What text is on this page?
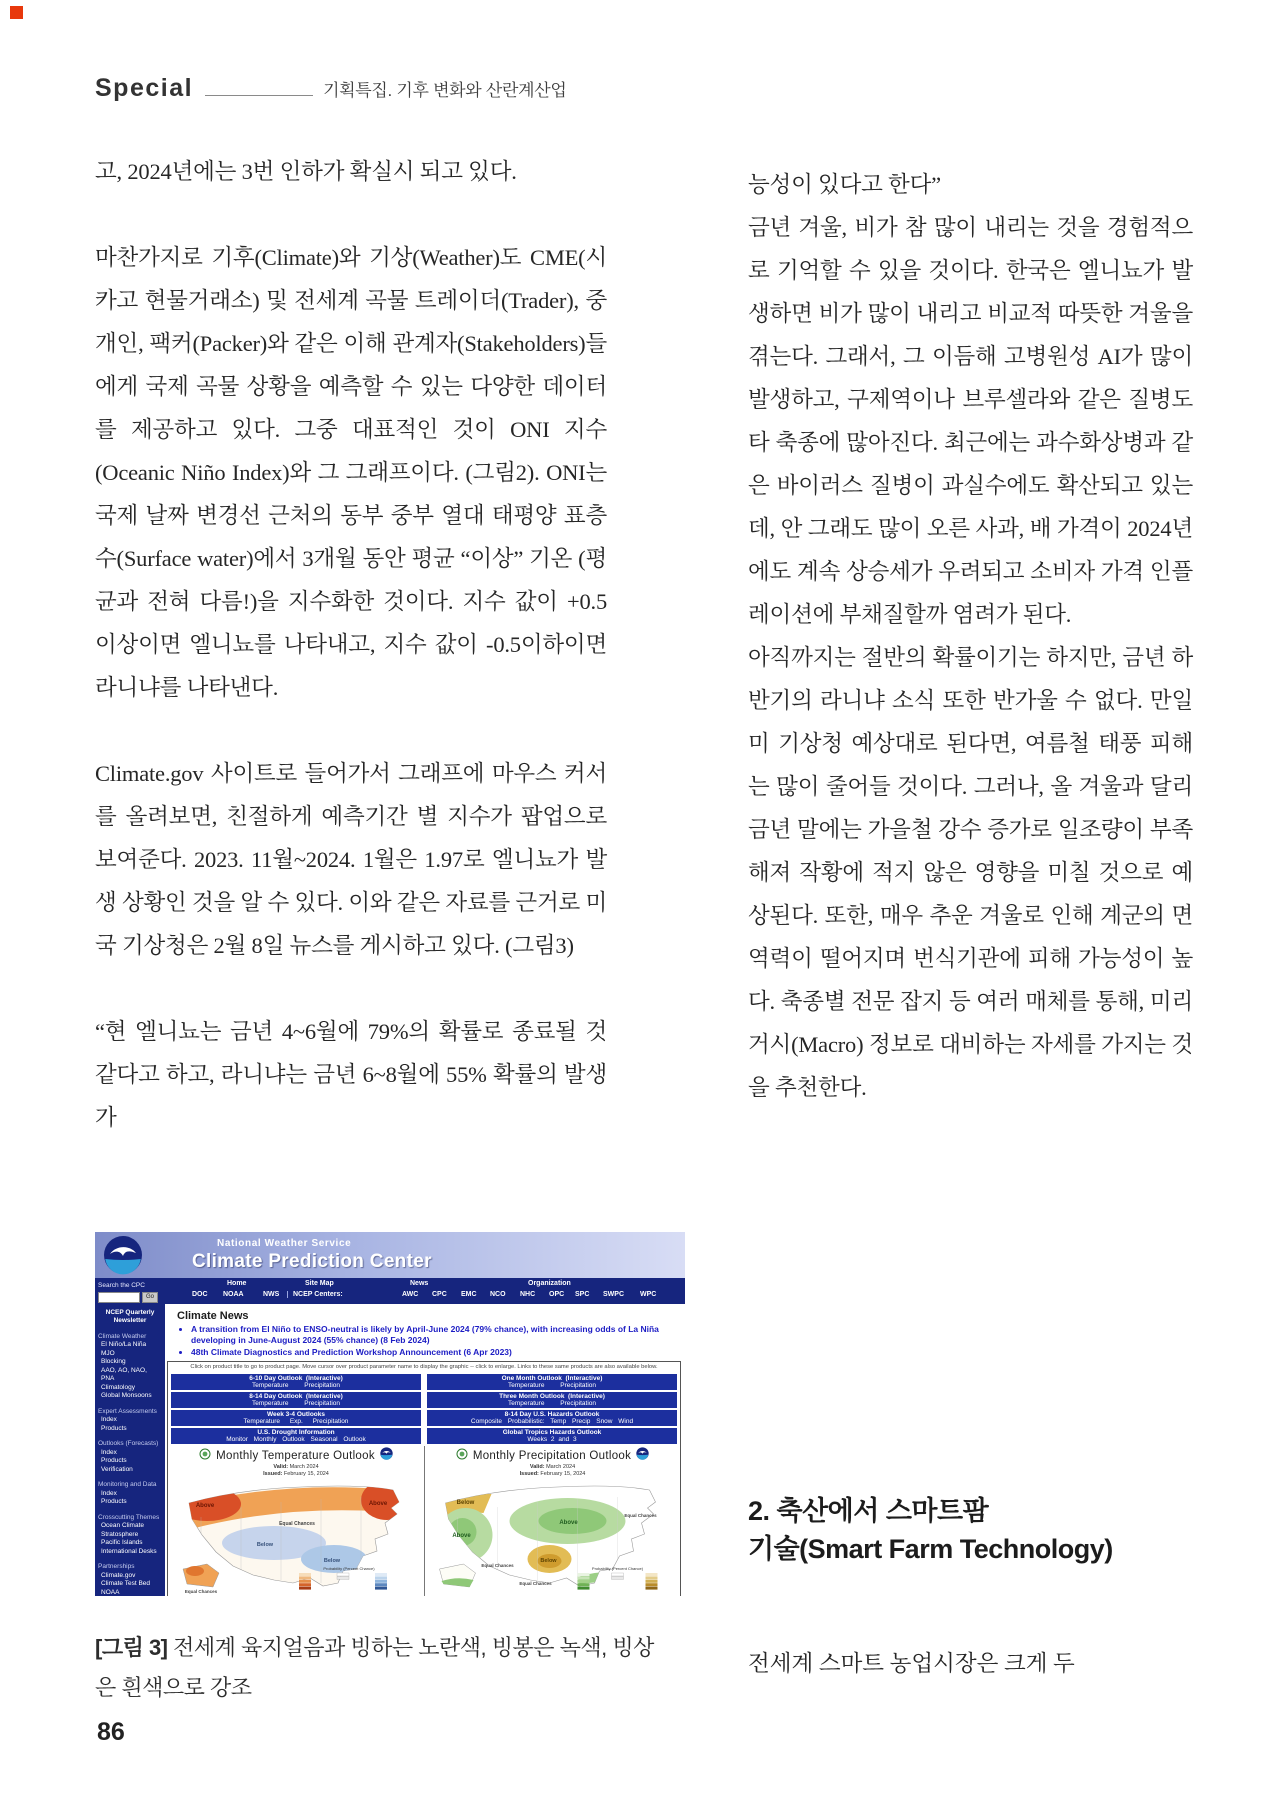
Special	기획특집. 기후 변화와 산란계산업

고, 2024년에는 3번 인하가 확실시 되고 있다.

마찬가지로 기후(Climate)와 기상(Weather)도 CME(시카고 현물거래소) 및 전세계 곡물 트레이더(Trader), 중개인, 팩커(Packer)와 같은 이해 관계자(Stakeholders)들에게 국제 곡물 상황을 예측할 수 있는 다양한 데이터를 제공하고 있다. 그중 대표적인 것이 ONI 지수(Oceanic Niño Index)와 그 그래프이다. (그림2). ONI는 국제 날짜 변경선 근처의 동부 중부 열대 태평양 표층수(Surface water)에서 3개월 동안 평균 “이상” 기온 (평균과 전혀 다름!)을 지수화한 것이다. 지수 값이 +0.5 이상이면 엘니뇨를 나타내고, 지수 값이 -0.5이하이면 라니냐를 나타낸다.

Climate.gov 사이트로 들어가서 그래프에 마우스 커서를 올려보면, 친절하게 예측기간 별 지수가 팝업으로 보여준다. 2023. 11월~2024. 1월은 1.97로 엘니뇨가 발생 상황인 것을 알 수 있다. 이와 같은 자료를 근거로 미국 기상청은 2월 8일 뉴스를 게시하고 있다. (그림3)

“현 엘니뇨는 금년 4~6월에 79%의 확률로 종료될 것 같다고 하고, 라니냐는 금년 6~8월에 55% 확률의 발생 가

능성이 있다고 한다”

금년 겨울, 비가 참 많이 내리는 것을 경험적으로 기억할 수 있을 것이다. 한국은 엘니뇨가 발생하면 비가 많이 내리고 비교적 따뜻한 겨울을 겪는다. 그래서, 그 이듬해 고병원성 AI가 많이 발생하고, 구제역이나 브루셀라와 같은 질병도 타 축종에 많아진다. 최근에는 과수화상병과 같은 바이러스 질병이 과실수에도 확산되고 있는데, 안 그래도 많이 오른 사과, 배 가격이 2024년에도 계속 상승세가 우려되고 소비자 가격 인플레이션에 부채질할까 염려가 된다.

아직까지는 절반의 확률이기는 하지만, 금년 하반기의 라니냐 소식 또한 반가울 수 없다. 만일 미 기상청 예상대로 된다면, 여름철 태풍 피해는 많이 줄어들 것이다. 그러나, 올 겨울과 달리 금년 말에는 가을철 강수 증가로 일조량이 부족해져 작황에 적지 않은 영향을 미칠 것으로 예상된다. 또한, 매우 추운 겨울로 인해 계군의 면역력이 떨어지며 번식기관에 피해 가능성이 높다. 축종별 전문 잡지 등 여러 매체를 통해, 미리 거시(Macro) 정보로 대비하는 자세를 가지는 것을 추천한다.

2. 축산에서 스마트팜
기술(Smart Farm Technology)
전세계 스마트 농업시장은 크게 두
National Weather Service
Climate Prediction Center
Search the CPC
Go
NCEP Quarterly Newsletter
Climate Weather
El Niño/La Niña
MJO
Blocking
AAO, AO, NAO, PNA
Climatology
Global Monsoons
Expert Assessments
Index
Products
Outlooks (Forecasts)
Index
Products
Verification
Monitoring and Data
Index
Products
Crosscutting Themes
Ocean Climate
Stratosphere
Pacific Islands
International Desks
Partnerships
Climate.gov
Climate Test Bed
NOAA
Home	Site Map	News	Organization
DOC NOAA	NWS	NCEP Centers:	AWC CPC EMC NCO NHC OPC SPC SWPC WPC
Climate News
• A transition from El Niño to ENSO-neutral is likely by April-June 2024 (79% chance), with increasing odds of La Niña developing in June-August 2024 (55% chance) (8 Feb 2024)
• 48th Climate Diagnostics and Prediction Workshop Announcement (6 Apr 2023)
Click on product title to go to product page. Move cursor over product parameter name to display the graphic -- click to enlarge. Links to these same products are also available below.
6-10 Day Outlook  (Interactive)
Temperature Precipitation
One Month Outlook  (Interactive)
Temperature Precipitation
8-14 Day Outlook  (Interactive)
Temperature Precipitation
Three Month Outlook  (Interactive)
Temperature Precipitation
Week 3-4 Outlooks
Temperature Exp. Precipitation
8-14 Day U.S. Hazards Outlook
Composite Probabilistic: Temp Precip Snow Wind
U.S. Drought Information
Monitor Monthly Outlook Seasonal Outlook
Global Tropics Hazards Outlook
Weeks 2 and 3
Monthly Temperature Outlook
Valid: March 2024
Issued: February 15, 2024
Above	Above
Equal Chances
Below
Below
Equal Chances
Probability (Percent Chance)
Monthly Precipitation Outlook
Valid: March 2024
Issued: February 15, 2024
Below
Above
Above
Equal Chances
Below
Equal Chances
Equal Chances
Probability (Percent Chance)
[그림 3] 전세계 육지얼음과 빙하는 노란색, 빙봉은 녹색, 빙상은 흰색으로 강조
86
